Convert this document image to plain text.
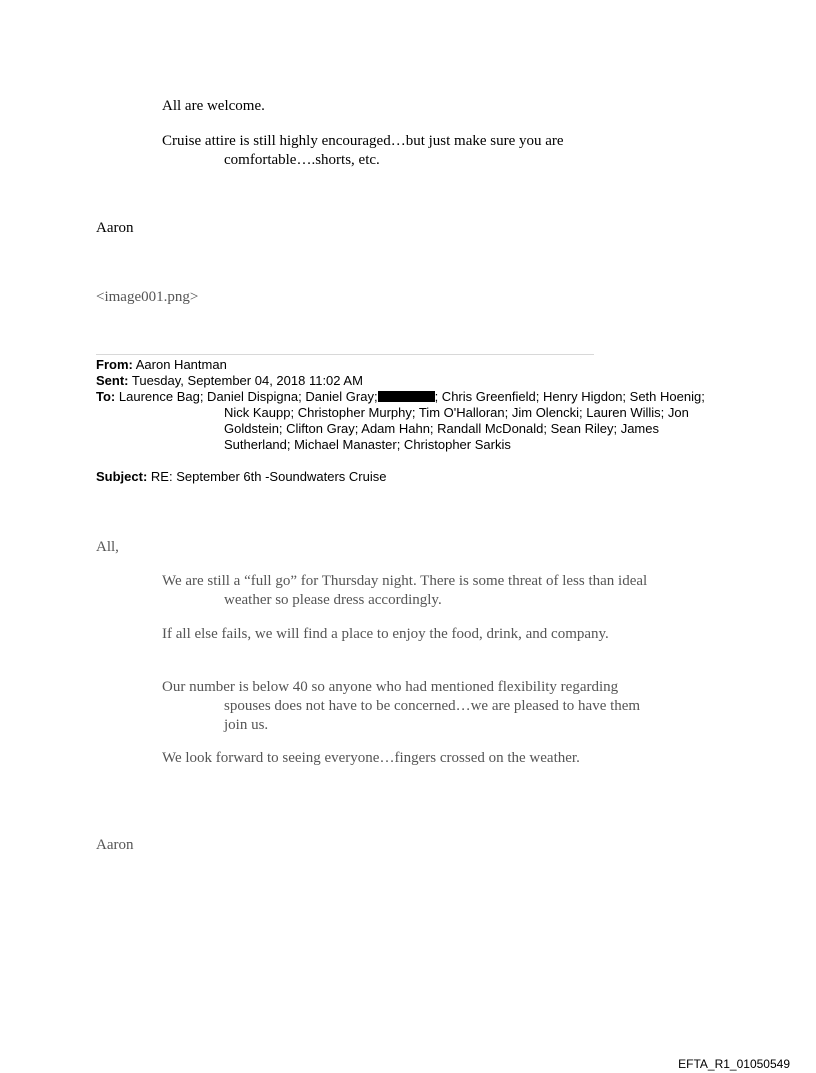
All are welcome.

Cruise attire is still highly encouraged…but just make sure you are comfortable….shorts, etc.

Aaron

<image001.png>

From: Aaron Hantman
Sent: Tuesday, September 04, 2018 11:02 AM
To: Laurence Bag; Daniel Dispigna; Daniel Gray;	; Chris Greenfield; Henry Higdon; Seth Hoenig; Nick Kaupp; Christopher Murphy; Tim O'Halloran; Jim Olencki; Lauren Willis; Jon Goldstein; Clifton Gray; Adam Hahn; Randall McDonald; Sean Riley; James Sutherland; Michael Manaster; Christopher Sarkis
Subject: RE: September 6th -Soundwaters Cruise

All,

We are still a “full go” for Thursday night. There is some threat of less than ideal weather so please dress accordingly.

If all else fails, we will find a place to enjoy the food, drink, and company.

Our number is below 40 so anyone who had mentioned flexibility regarding spouses does not have to be concerned…we are pleased to have them join us.

We look forward to seeing everyone…fingers crossed on the weather.

Aaron

EFTA_R1_01050549
